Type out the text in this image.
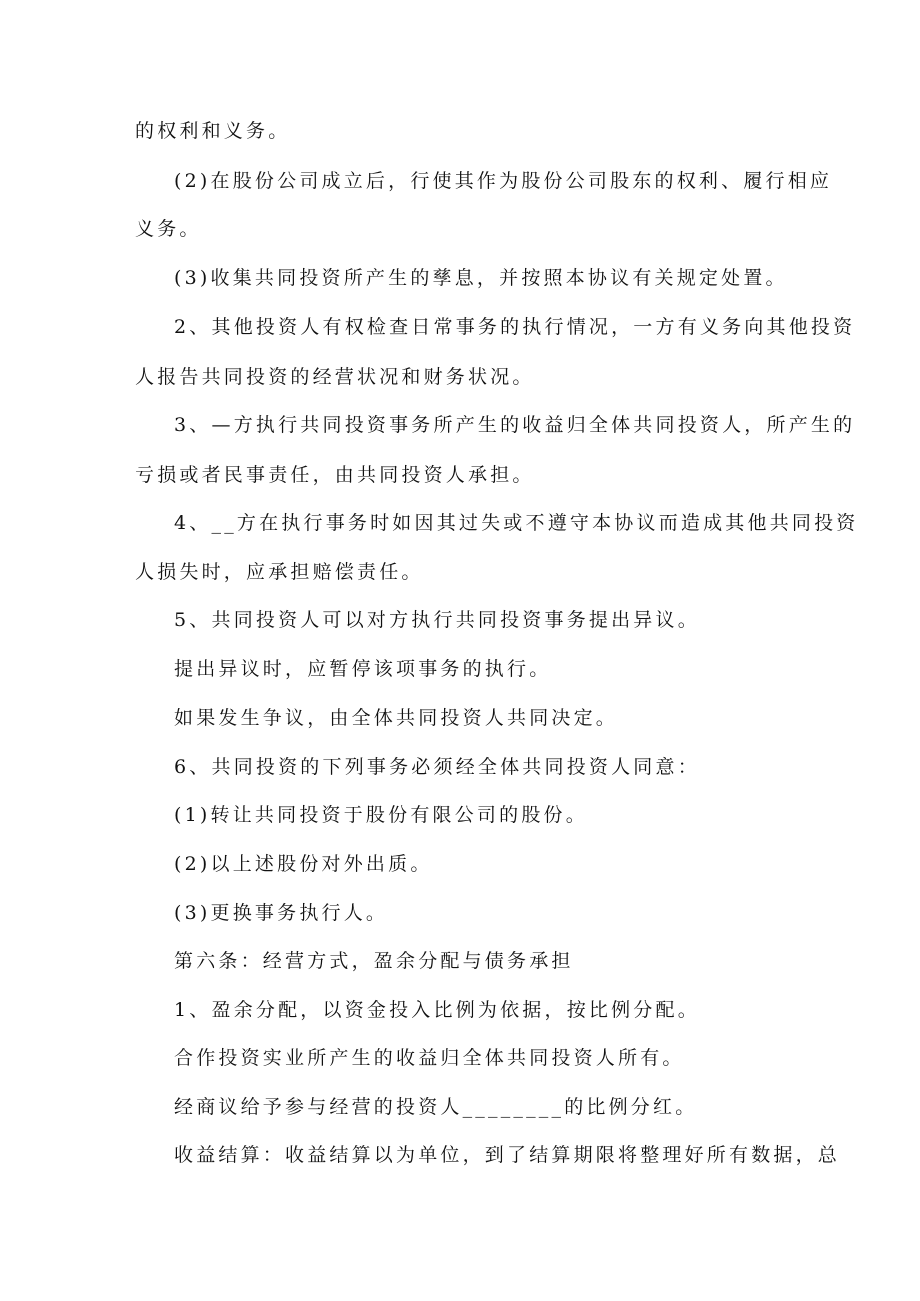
的权利和义务。
(2)在股份公司成立后，行使其作为股份公司股东的权利、履行相应
义务。
(3)收集共同投资所产生的孳息，并按照本协议有关规定处置。
2、其他投资人有权检查日常事务的执行情况，一方有义务向其他投资
人报告共同投资的经营状况和财务状况。
3、—方执行共同投资事务所产生的收益归全体共同投资人，所产生的
亏损或者民事责任，由共同投资人承担。
4、__方在执行事务时如因其过失或不遵守本协议而造成其他共同投资
人损失时，应承担赔偿责任。
5、共同投资人可以对方执行共同投资事务提出异议。
提出异议时，应暂停该项事务的执行。
如果发生争议，由全体共同投资人共同决定。
6、共同投资的下列事务必须经全体共同投资人同意：
(1)转让共同投资于股份有限公司的股份。
(2)以上述股份对外出质。
(3)更换事务执行人。
第六条：经营方式，盈余分配与债务承担
1、盈余分配，以资金投入比例为依据，按比例分配。
合作投资实业所产生的收益归全体共同投资人所有。
经商议给予参与经营的投资人________的比例分红。
收益结算：收益结算以为单位，到了结算期限将整理好所有数据，总
